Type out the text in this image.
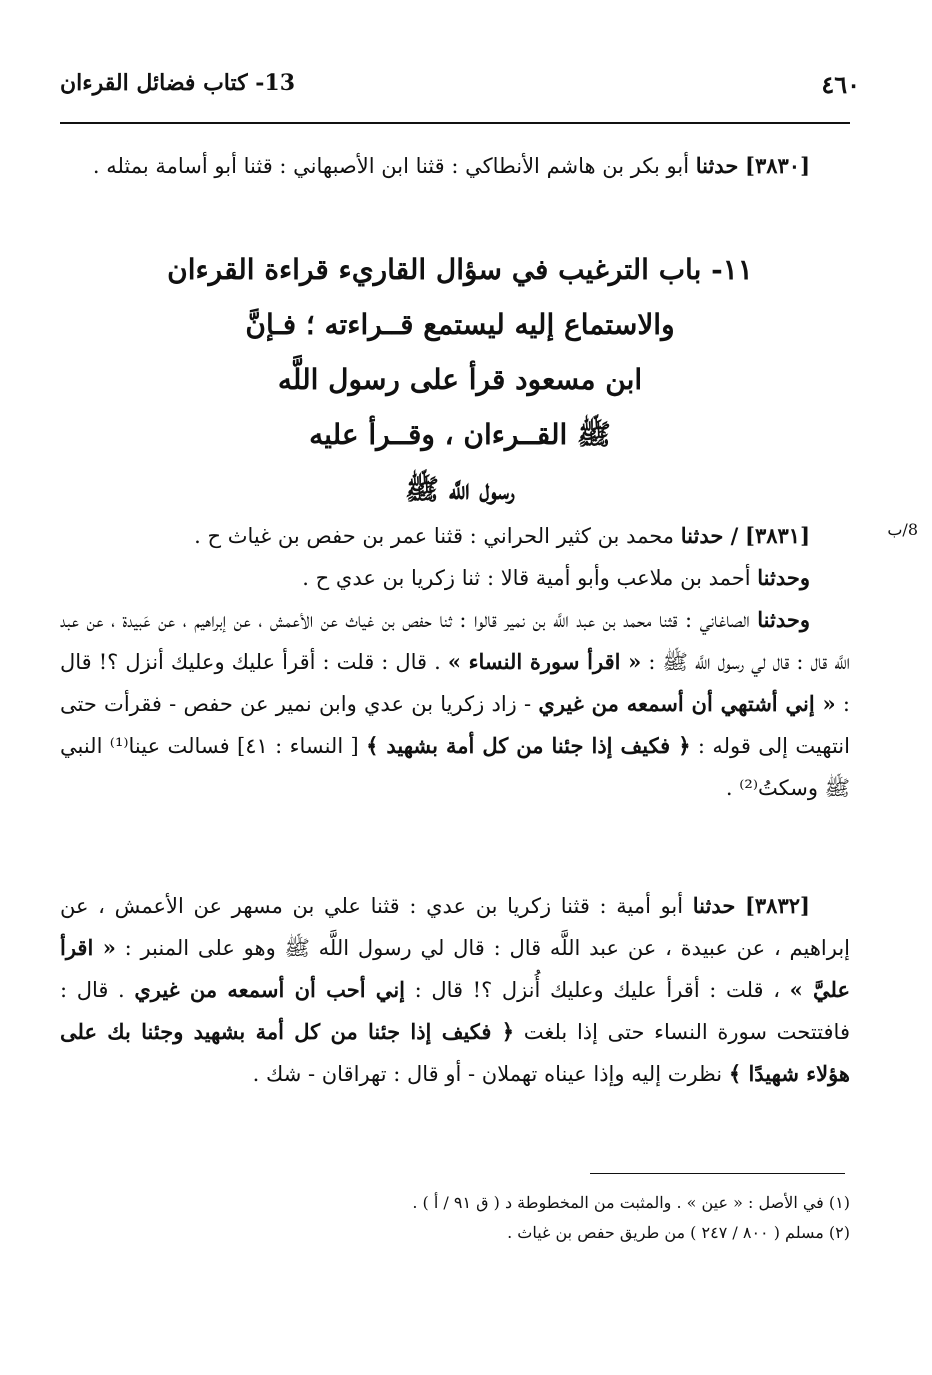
٤٦٠
13- كتاب فضائل القرءان
[٣٨٣٠] حدثنا أبو بكر بن هاشم الأنطاكي : قثنا ابن الأصبهاني : قثنا أبو أسامة بمثله .
١١- باب الترغيب في سؤال القاريء قراءة القرءان
والاستماع إليه ليستمع قــراءته ؛ فـإنَّ
ابن مسعود قرأ على رسول اللَّه
ﷺ القــرءان ، وقــرأ عليه
رسول اللَّه ﷺ
8/ب
[٣٨٣١] / حدثنا محمد بن كثير الحراني : قثنا عمر بن حفص بن غياث ح .
وحدثنا أحمد بن ملاعب وأبو أمية قالا : ثنا زكريا بن عدي ح .
وحدثنا الصاغاني : قثنا محمد بن عبد اللَّه بن نمير قالوا : ثنا حفص بن غياث عن الأعمش ، عن إبراهيم ، عن عَبيدة ، عن عبد اللَّه قال : قال لي رسول اللَّه ﷺ : « اقرأ سورة النساء » . قال : قلت : أقرأ عليك وعليك أنزل ؟! قال : « إني أشتهي أن أسمعه من غيري - زاد زكريا بن عدي وابن نمير عن حفص - فقرأت حتى انتهيت إلى قوله : ﴿ فكيف إذا جئنا من كل أمة بشهيد ﴾ [ النساء : ٤١] فسالت عينا⁽¹⁾ النبي ﷺ وسكتُ⁽²⁾ .
[٣٨٣٢] حدثنا أبو أمية : قثنا زكريا بن عدي : قثنا علي بن مسهر عن الأعمش ، عن إبراهيم ، عن عبيدة ، عن عبد اللَّه قال : قال لي رسول اللَّه ﷺ وهو على المنبر : « اقرأ عليَّ » ، قلت : أقرأ عليك وعليك أُنزل ؟! قال : إني أحب أن أسمعه من غيري . قال : فافتتحت سورة النساء حتى إذا بلغت ﴿ فكيف إذا جئنا من كل أمة بشهيد وجئنا بك على هؤلاء شهيدًا ﴾ نظرت إليه وإذا عيناه تهملان - أو قال : تهراقان - شك .
(١) في الأصل : « عين » . والمثبت من المخطوطة د ( ق ٩١ / أ ) .
(٢) مسلم ( ٨٠٠ / ٢٤٧ ) من طريق حفص بن غياث .
